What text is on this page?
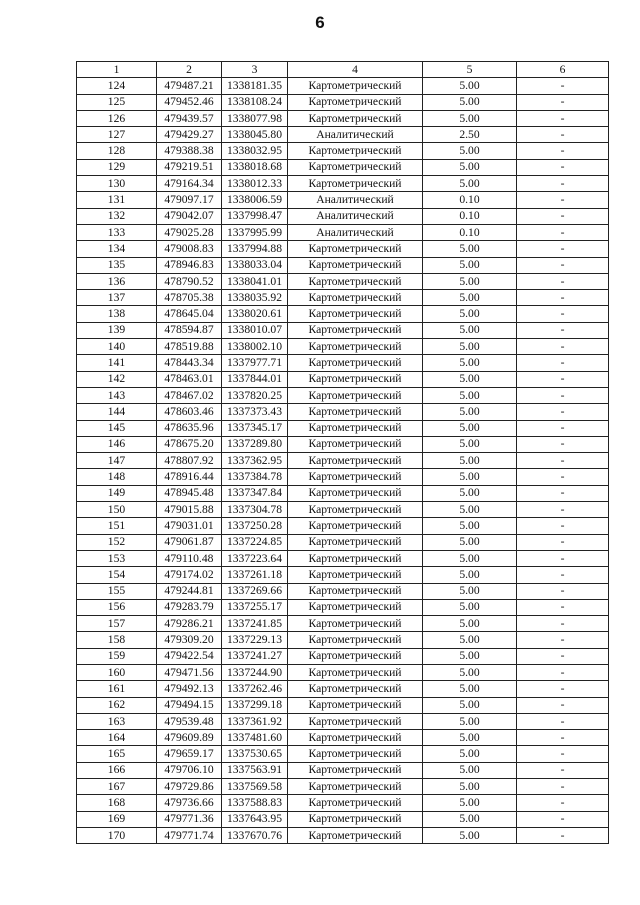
6
1	2	3	4	5	6
124	479487.21	1338181.35	Картометрический	5.00	-
125	479452.46	1338108.24	Картометрический	5.00	-
126	479439.57	1338077.98	Картометрический	5.00	-
127	479429.27	1338045.80	Аналитический	2.50	-
128	479388.38	1338032.95	Картометрический	5.00	-
129	479219.51	1338018.68	Картометрический	5.00	-
130	479164.34	1338012.33	Картометрический	5.00	-
131	479097.17	1338006.59	Аналитический	0.10	-
132	479042.07	1337998.47	Аналитический	0.10	-
133	479025.28	1337995.99	Аналитический	0.10	-
134	479008.83	1337994.88	Картометрический	5.00	-
135	478946.83	1338033.04	Картометрический	5.00	-
136	478790.52	1338041.01	Картометрический	5.00	-
137	478705.38	1338035.92	Картометрический	5.00	-
138	478645.04	1338020.61	Картометрический	5.00	-
139	478594.87	1338010.07	Картометрический	5.00	-
140	478519.88	1338002.10	Картометрический	5.00	-
141	478443.34	1337977.71	Картометрический	5.00	-
142	478463.01	1337844.01	Картометрический	5.00	-
143	478467.02	1337820.25	Картометрический	5.00	-
144	478603.46	1337373.43	Картометрический	5.00	-
145	478635.96	1337345.17	Картометрический	5.00	-
146	478675.20	1337289.80	Картометрический	5.00	-
147	478807.92	1337362.95	Картометрический	5.00	-
148	478916.44	1337384.78	Картометрический	5.00	-
149	478945.48	1337347.84	Картометрический	5.00	-
150	479015.88	1337304.78	Картометрический	5.00	-
151	479031.01	1337250.28	Картометрический	5.00	-
152	479061.87	1337224.85	Картометрический	5.00	-
153	479110.48	1337223.64	Картометрический	5.00	-
154	479174.02	1337261.18	Картометрический	5.00	-
155	479244.81	1337269.66	Картометрический	5.00	-
156	479283.79	1337255.17	Картометрический	5.00	-
157	479286.21	1337241.85	Картометрический	5.00	-
158	479309.20	1337229.13	Картометрический	5.00	-
159	479422.54	1337241.27	Картометрический	5.00	-
160	479471.56	1337244.90	Картометрический	5.00	-
161	479492.13	1337262.46	Картометрический	5.00	-
162	479494.15	1337299.18	Картометрический	5.00	-
163	479539.48	1337361.92	Картометрический	5.00	-
164	479609.89	1337481.60	Картометрический	5.00	-
165	479659.17	1337530.65	Картометрический	5.00	-
166	479706.10	1337563.91	Картометрический	5.00	-
167	479729.86	1337569.58	Картометрический	5.00	-
168	479736.66	1337588.83	Картометрический	5.00	-
169	479771.36	1337643.95	Картометрический	5.00	-
170	479771.74	1337670.76	Картометрический	5.00	-
